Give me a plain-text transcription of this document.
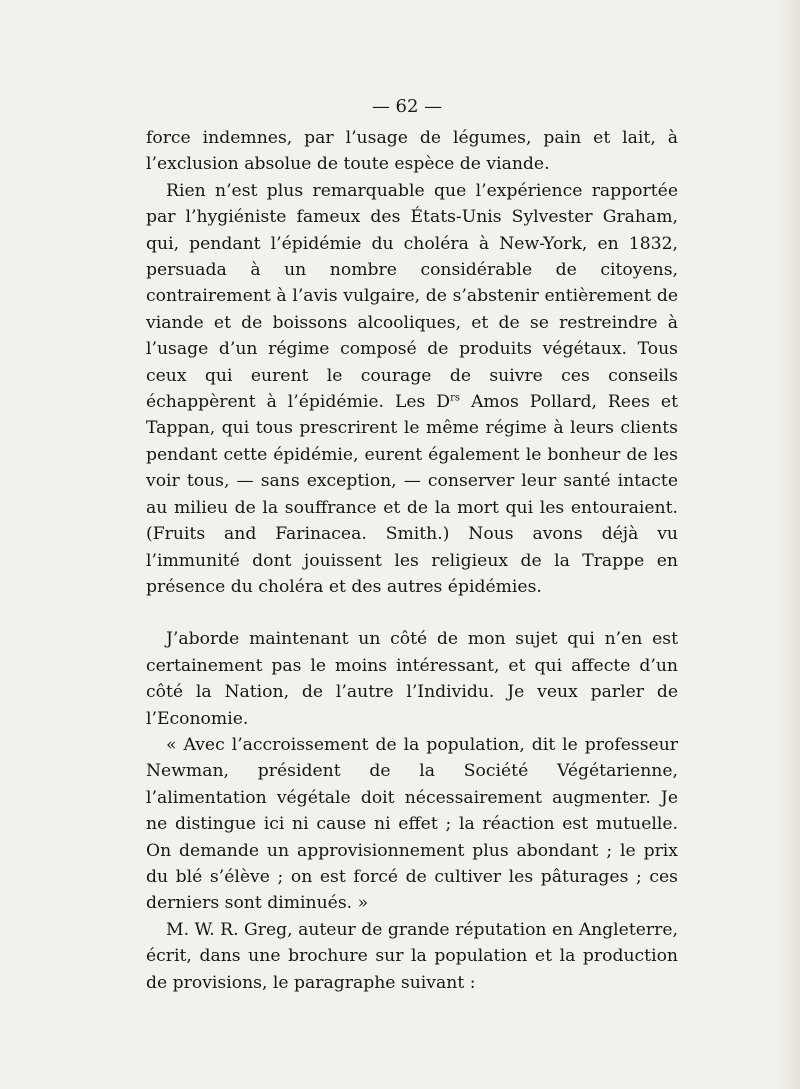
— 62 —

force indemnes, par l’usage de légumes, pain et lait, à l’exclusion absolue de toute espèce de viande.

Rien n’est plus remarquable que l’expérience rapportée par l’hygiéniste fameux des États-Unis Sylvester Graham, qui, pendant l’épidémie du choléra à New-York, en 1832, persuada à un nombre considérable de citoyens, contrairement à l’avis vulgaire, de s’abstenir entièrement de viande et de boissons alcooliques, et de se restreindre à l’usage d’un régime composé de produits végétaux. Tous ceux qui eurent le courage de suivre ces conseils échappèrent à l’épidémie. Les $D^{rs}$ Amos Pollard, Rees et Tappan, qui tous prescrirent le même régime à leurs clients pendant cette épidémie, eurent également le bonheur de les voir tous, — sans exception, — conserver leur santé intacte au milieu de la souffrance et de la mort qui les entouraient. (Fruits and Farinacea. Smith.) Nous avons déjà vu l’immunité dont jouissent les religieux de la Trappe en présence du choléra et des autres épidémies.

J’aborde maintenant un côté de mon sujet qui n’en est certainement pas le moins intéressant, et qui affecte d’un côté la Nation, de l’autre l’Individu. Je veux parler de l’Economie.

« Avec l’accroissement de la population, dit le professeur Newman, président de la Société Végétarienne, l’alimentation végétale doit nécessairement augmenter. Je ne distingue ici ni cause ni effet ; la réaction est mutuelle. On demande un approvisionnement plus abondant ; le prix du blé s’élève ; on est forcé de cultiver les pâturages ; ces derniers sont diminués. »

M. W. R. Greg, auteur de grande réputation en Angleterre, écrit, dans une brochure sur la population et la production de provisions, le paragraphe suivant :
